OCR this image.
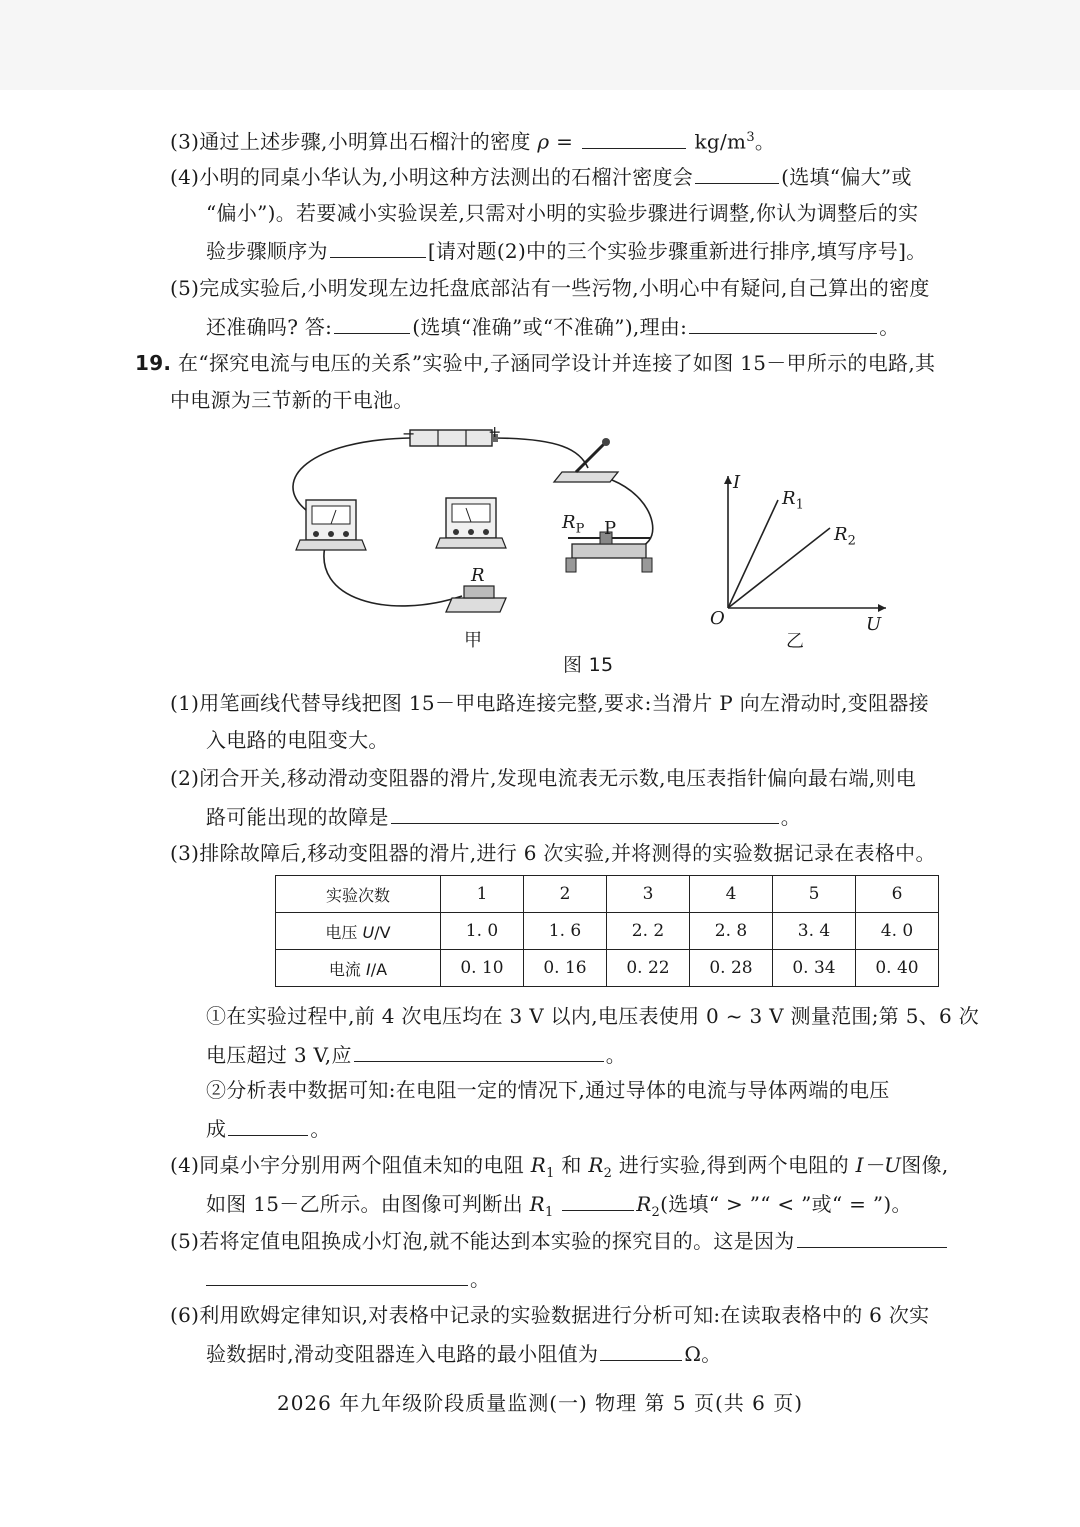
(3)通过上述步骤,小明算出石榴汁的密度 ρ =	$kg/m^3$。
(4)小明的同桌小华认为,小明这种方法测出的石榴汁密度会	(选填“偏大”或
“偏小”)。若要减小实验误差,只需对小明的实验步骤进行调整,你认为调整后的实
验步骤顺序为	[请对题(2)中的三个实验步骤重新进行排序,填写序号]。
(5)完成实验后,小明发现左边托盘底部沾有一些污物,小明心中有疑问,自己算出的密度
还准确吗? 答:	(选填“准确”或“不准确”),理由:	。
19. 在“探究电流与电压的关系”实验中,子涵同学设计并连接了如图 15－甲所示的电路,其
中电源为三节新的干电池。
−	+
R
$R_P$ P
甲
I
U
O
$R_1$
$R_2$
乙
图 15
(1)用笔画线代替导线把图 15－甲电路连接完整,要求:当滑片 P 向左滑动时,变阻器接
入电路的电阻变大。
(2)闭合开关,移动滑动变阻器的滑片,发现电流表无示数,电压表指针偏向最右端,则电
路可能出现的故障是	。
(3)排除故障后,移动变阻器的滑片,进行 6 次实验,并将测得的实验数据记录在表格中。
实验次数	1	2	3	4	5	6
电压 U/V	1. 0	1. 6	2. 2	2. 8	3. 4	4. 0
电流 I/A	0. 10	0. 16	0. 22	0. 28	0. 34	0. 40
①在实验过程中,前 4 次电压均在 3 V 以内,电压表使用 0 ~ 3 V 测量范围;第 5、6 次
电压超过 3 V,应	。
②分析表中数据可知:在电阻一定的情况下,通过导体的电流与导体两端的电压
成	。
(4)同桌小宇分别用两个阻值未知的电阻 $R_1$ 和 $R_2$ 进行实验,得到两个电阻的 I－U图像,
如图 15－乙所示。由图像可判断出 $R_1$	$R_2$(选填“ > ”“ < ”或“ = ”)。
(5)若将定值电阻换成小灯泡,就不能达到本实验的探究目的。这是因为
。
(6)利用欧姆定律知识,对表格中记录的实验数据进行分析可知:在读取表格中的 6 次实
验数据时,滑动变阻器连入电路的最小阻值为	Ω。
2026 年九年级阶段质量监测(一) 物理 第 5 页(共 6 页)
